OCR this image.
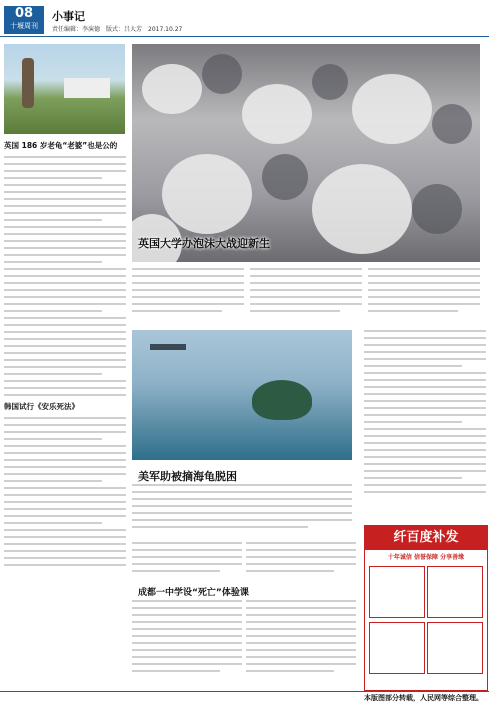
08
十堰周刊
小事记
责任编辑：李演德　版式：吕大芳　2017.10.27
英国 186 岁老龟“老婆”也是公的
韩国试行《安乐死法》
英国大学办泡沫大战迎新生
美军助被摘海龟脱困
成都一中学设“死亡”体验课
纤百度补发
十年诚信 信誉保障 分享善缘
本版图部分转载，人民网等综合整理。
